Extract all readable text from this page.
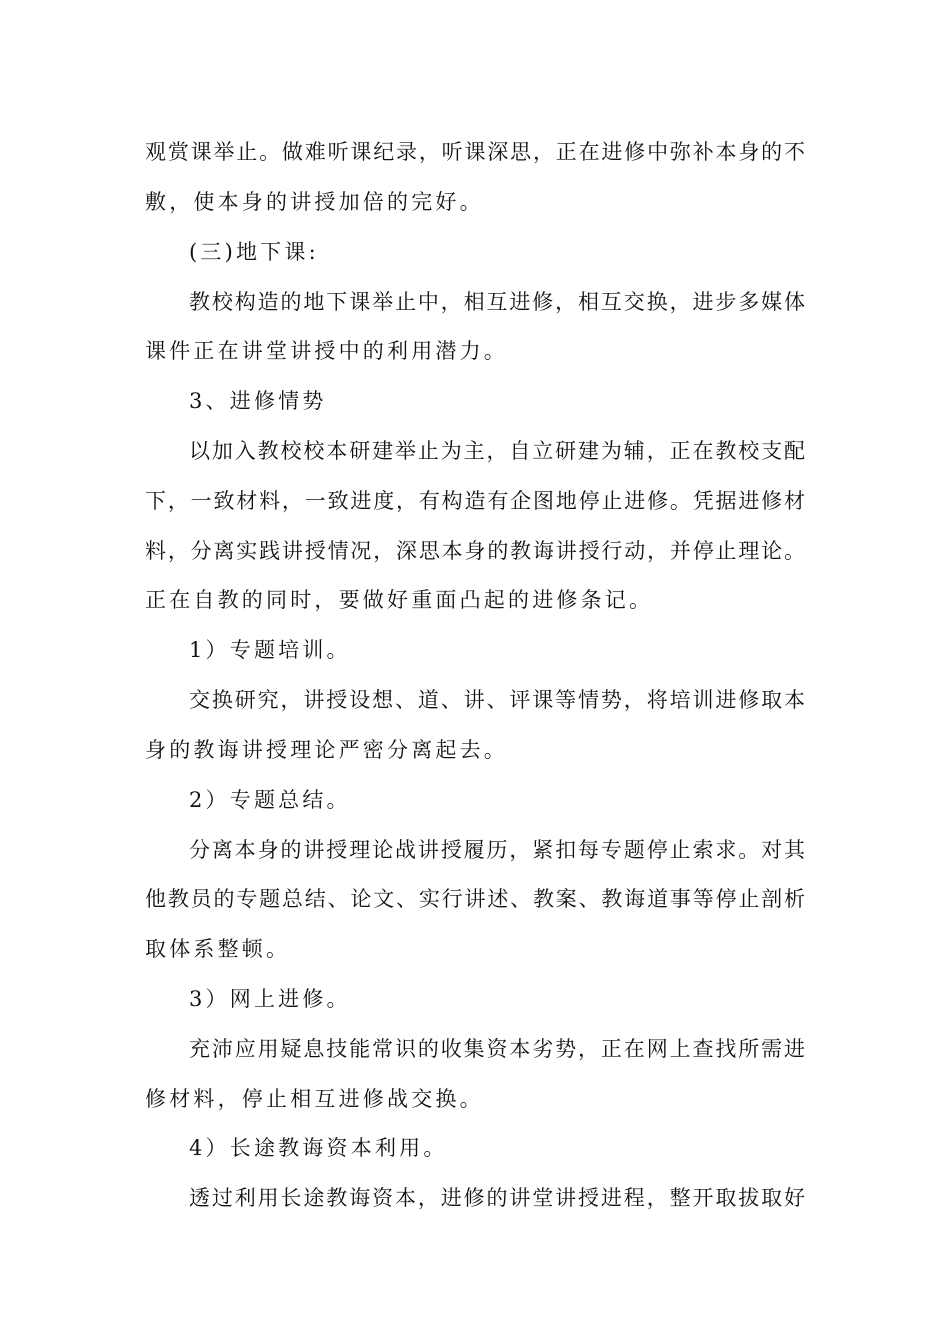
观赏课举止。做难听课纪录，听课深思，正在进修中弥补本身的不
敷，使本身的讲授加倍的完好。
(三)地下课:
教校构造的地下课举止中，相互进修，相互交换，进步多媒体
课件正在讲堂讲授中的利用潜力。
3、进修情势
以加入教校校本研建举止为主，自立研建为辅，正在教校支配
下，一致材料，一致进度，有构造有企图地停止进修。凭据进修材
料，分离实践讲授情况，深思本身的教诲讲授行动，并停止理论。
正在自教的同时，要做好重面凸起的进修条记。
1）专题培训。
交换研究，讲授设想、道、讲、评课等情势，将培训进修取本
身的教诲讲授理论严密分离起去。
2）专题总结。
分离本身的讲授理论战讲授履历，紧扣每专题停止索求。对其
他教员的专题总结、论文、实行讲述、教案、教诲道事等停止剖析
取体系整顿。
3）网上进修。
充沛应用疑息技能常识的收集资本劣势，正在网上查找所需进
修材料，停止相互进修战交换。
4）长途教诲资本利用。
透过利用长途教诲资本，进修的讲堂讲授进程，整开取拔取好
